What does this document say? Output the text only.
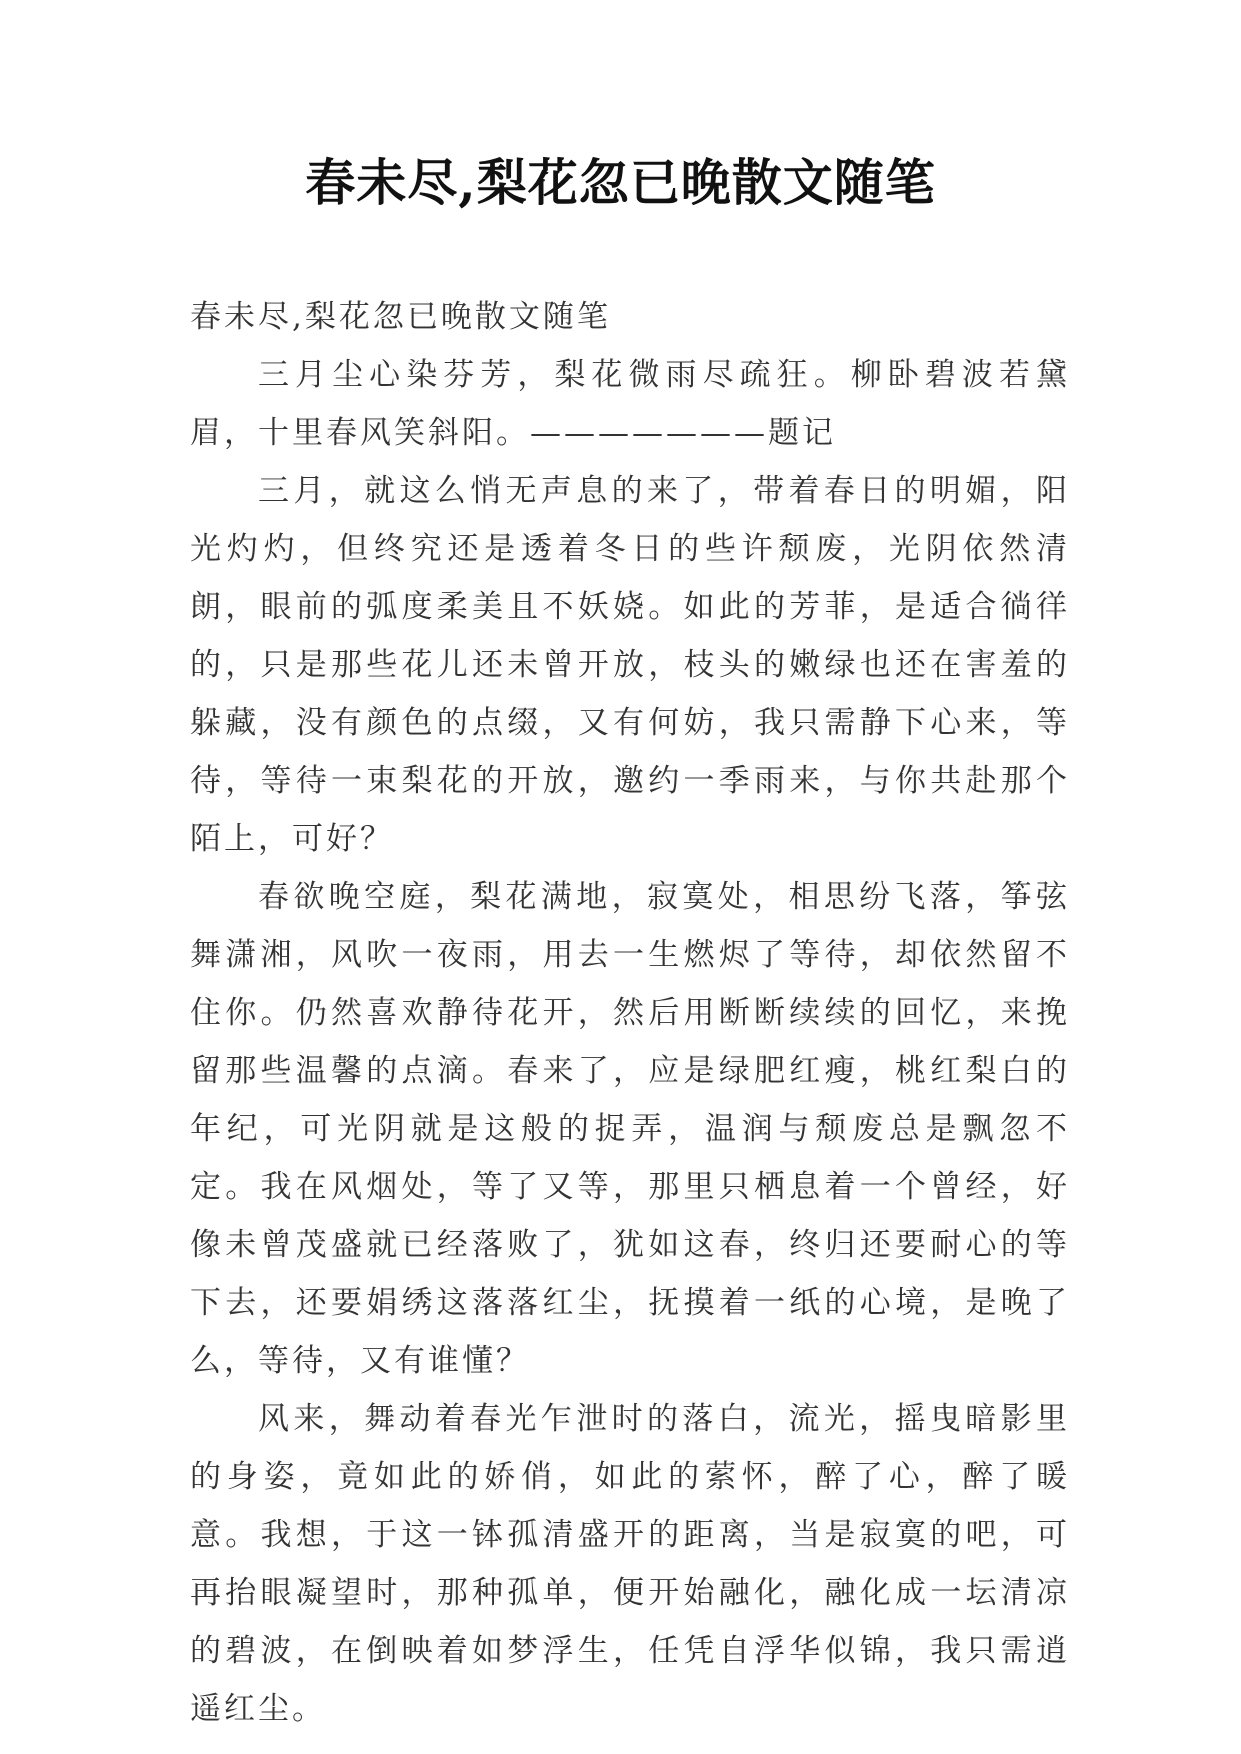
春未尽,梨花忽已晚散文随笔

春未尽,梨花忽已晚散文随笔

三月尘心染芬芳，梨花微雨尽疏狂。柳卧碧波若黛眉，十里春风笑斜阳。———————题记

三月，就这么悄无声息的来了，带着春日的明媚，阳光灼灼，但终究还是透着冬日的些许颓废，光阴依然清朗，眼前的弧度柔美且不妖娆。如此的芳菲，是适合徜徉的，只是那些花儿还未曾开放，枝头的嫩绿也还在害羞的躲藏，没有颜色的点缀，又有何妨，我只需静下心来，等待，等待一束梨花的开放，邀约一季雨来，与你共赴那个陌上，可好？

春欲晚空庭，梨花满地，寂寞处，相思纷飞落，筝弦舞潇湘，风吹一夜雨，用去一生燃烬了等待，却依然留不住你。仍然喜欢静待花开，然后用断断续续的回忆，来挽留那些温馨的点滴。春来了，应是绿肥红瘦，桃红梨白的年纪，可光阴就是这般的捉弄，温润与颓废总是飘忽不定。我在风烟处，等了又等，那里只栖息着一个曾经，好像未曾茂盛就已经落败了，犹如这春，终归还要耐心的等下去，还要娟绣这落落红尘，抚摸着一纸的心境，是晚了么，等待，又有谁懂？

风来，舞动着春光乍泄时的落白，流光，摇曳暗影里的身姿，竟如此的娇俏，如此的萦怀，醉了心，醉了暖意。我想，于这一钵孤清盛开的距离，当是寂寞的吧，可再抬眼凝望时，那种孤单，便开始融化，融化成一坛清凉的碧波，在倒映着如梦浮生，任凭自浮华似锦，我只需逍遥红尘。
